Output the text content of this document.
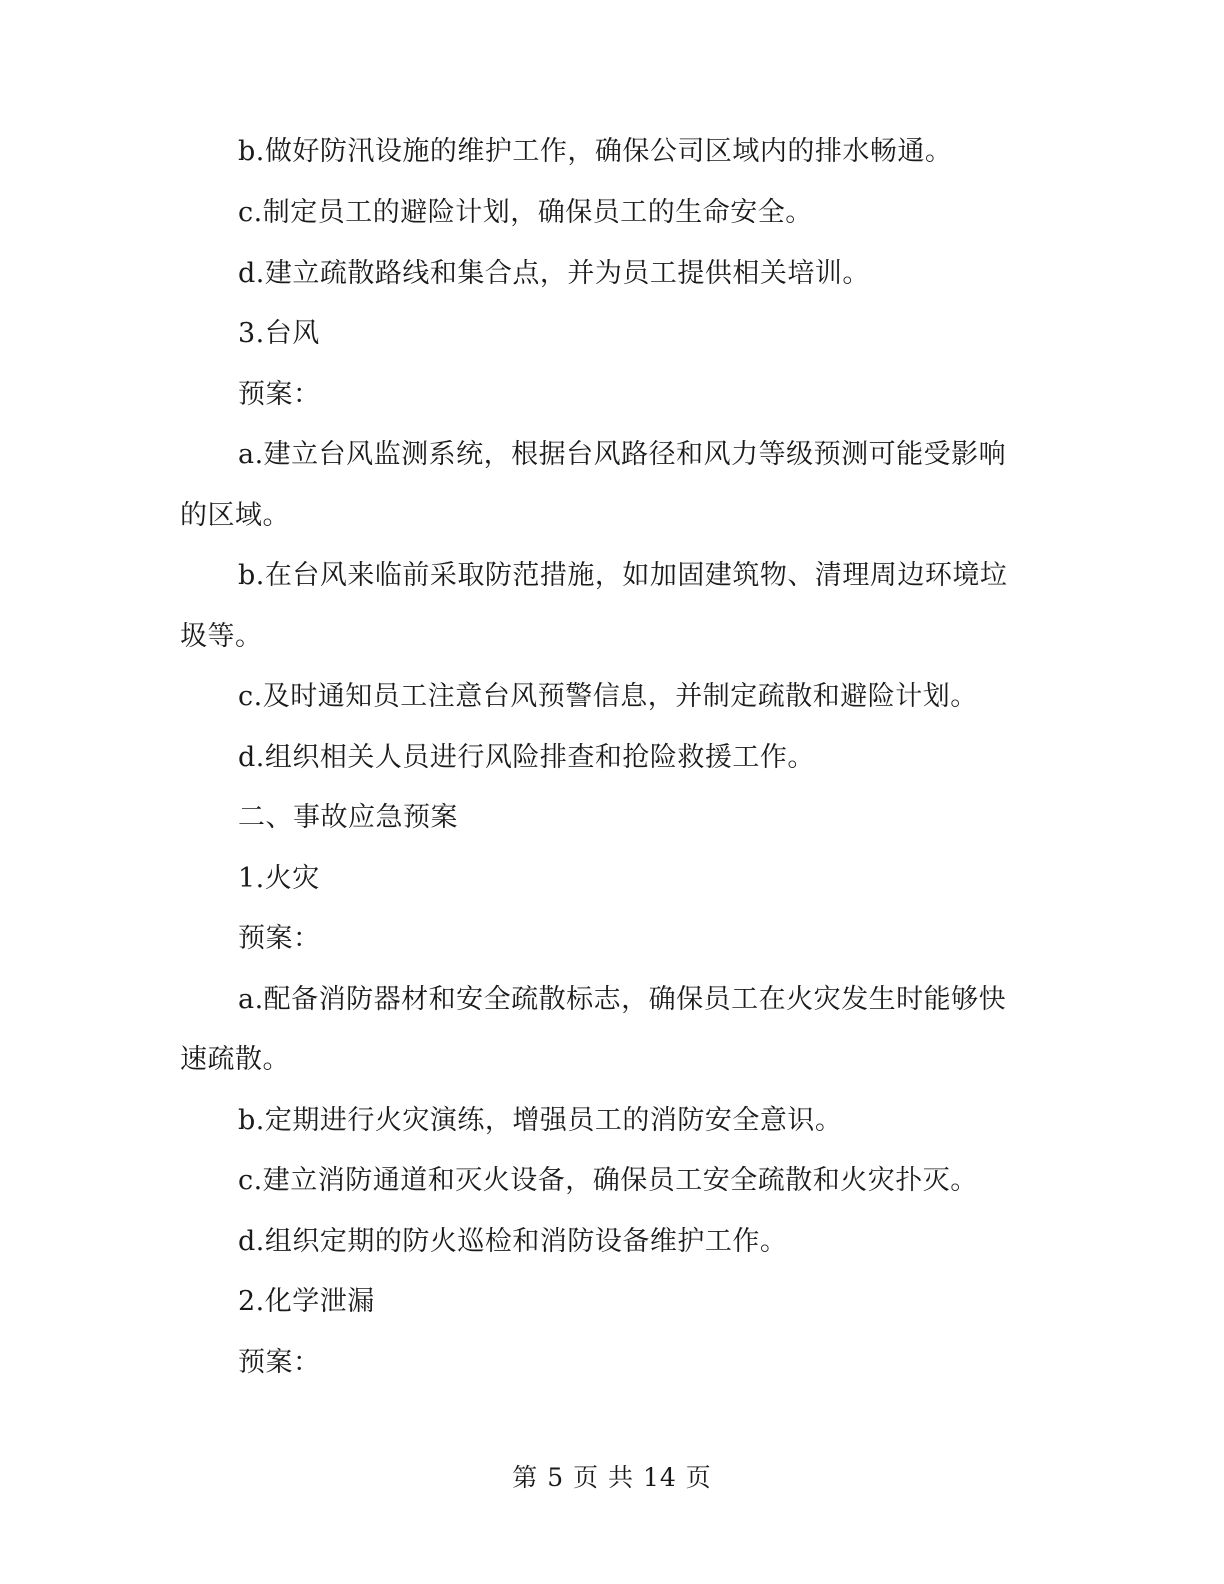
b.做好防汛设施的维护工作，确保公司区域内的排水畅通。
c.制定员工的避险计划，确保员工的生命安全。
d.建立疏散路线和集合点，并为员工提供相关培训。
3.台风
预案：
a.建立台风监测系统，根据台风路径和风力等级预测可能受影响
的区域。
b.在台风来临前采取防范措施，如加固建筑物、清理周边环境垃
圾等。
c.及时通知员工注意台风预警信息，并制定疏散和避险计划。
d.组织相关人员进行风险排查和抢险救援工作。
二、事故应急预案
1.火灾
预案：
a.配备消防器材和安全疏散标志，确保员工在火灾发生时能够快
速疏散。
b.定期进行火灾演练，增强员工的消防安全意识。
c.建立消防通道和灭火设备，确保员工安全疏散和火灾扑灭。
d.组织定期的防火巡检和消防设备维护工作。
2.化学泄漏
预案：
第 5 页 共 14 页
